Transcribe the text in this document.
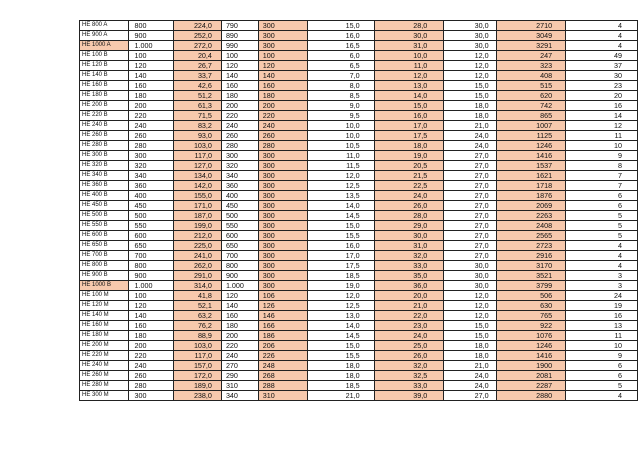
HE 800 A	800	224,0	790	300	15,0	28,0	30,0	2710	4
HE 900 A	900	252,0	890	300	16,0	30,0	30,0	3049	4
HE 1000 A	1.000	272,0	990	300	16,5	31,0	30,0	3291	4
HE 100 B	100	20,4	100	100	6,0	10,0	12,0	247	49
HE 120 B	120	26,7	120	120	6,5	11,0	12,0	323	37
HE 140 B	140	33,7	140	140	7,0	12,0	12,0	408	30
HE 160 B	160	42,6	160	160	8,0	13,0	15,0	515	23
HE 180 B	180	51,2	180	180	8,5	14,0	15,0	620	20
HE 200 B	200	61,3	200	200	9,0	15,0	18,0	742	16
HE 220 B	220	71,5	220	220	9,5	16,0	18,0	865	14
HE 240 B	240	83,2	240	240	10,0	17,0	21,0	1007	12
HE 260 B	260	93,0	260	260	10,0	17,5	24,0	1125	11
HE 280 B	280	103,0	280	280	10,5	18,0	24,0	1246	10
HE 300 B	300	117,0	300	300	11,0	19,0	27,0	1416	9
HE 320 B	320	127,0	320	300	11,5	20,5	27,0	1537	8
HE 340 B	340	134,0	340	300	12,0	21,5	27,0	1621	7
HE 360 B	360	142,0	360	300	12,5	22,5	27,0	1718	7
HE 400 B	400	155,0	400	300	13,5	24,0	27,0	1876	6
HE 450 B	450	171,0	450	300	14,0	26,0	27,0	2069	6
HE 500 B	500	187,0	500	300	14,5	28,0	27,0	2263	5
HE 550 B	550	199,0	550	300	15,0	29,0	27,0	2408	5
HE 600 B	600	212,0	600	300	15,5	30,0	27,0	2565	5
HE 650 B	650	225,0	650	300	16,0	31,0	27,0	2723	4
HE 700 B	700	241,0	700	300	17,0	32,0	27,0	2916	4
HE 800 B	800	262,0	800	300	17,5	33,0	30,0	3170	4
HE 900 B	900	291,0	900	300	18,5	35,0	30,0	3521	3
HE 1000 B	1.000	314,0	1.000	300	19,0	36,0	30,0	3799	3
HE 100 M	100	41,8	120	106	12,0	20,0	12,0	506	24
HE 120 M	120	52,1	140	126	12,5	21,0	12,0	630	19
HE 140 M	140	63,2	160	146	13,0	22,0	12,0	765	16
HE 160 M	160	76,2	180	166	14,0	23,0	15,0	922	13
HE 180 M	180	88,9	200	186	14,5	24,0	15,0	1076	11
HE 200 M	200	103,0	220	206	15,0	25,0	18,0	1246	10
HE 220 M	220	117,0	240	226	15,5	26,0	18,0	1416	9
HE 240 M	240	157,0	270	248	18,0	32,0	21,0	1900	6
HE 260 M	260	172,0	290	268	18,0	32,5	24,0	2081	6
HE 280 M	280	189,0	310	288	18,5	33,0	24,0	2287	5
HE 300 M	300	238,0	340	310	21,0	39,0	27,0	2880	4
